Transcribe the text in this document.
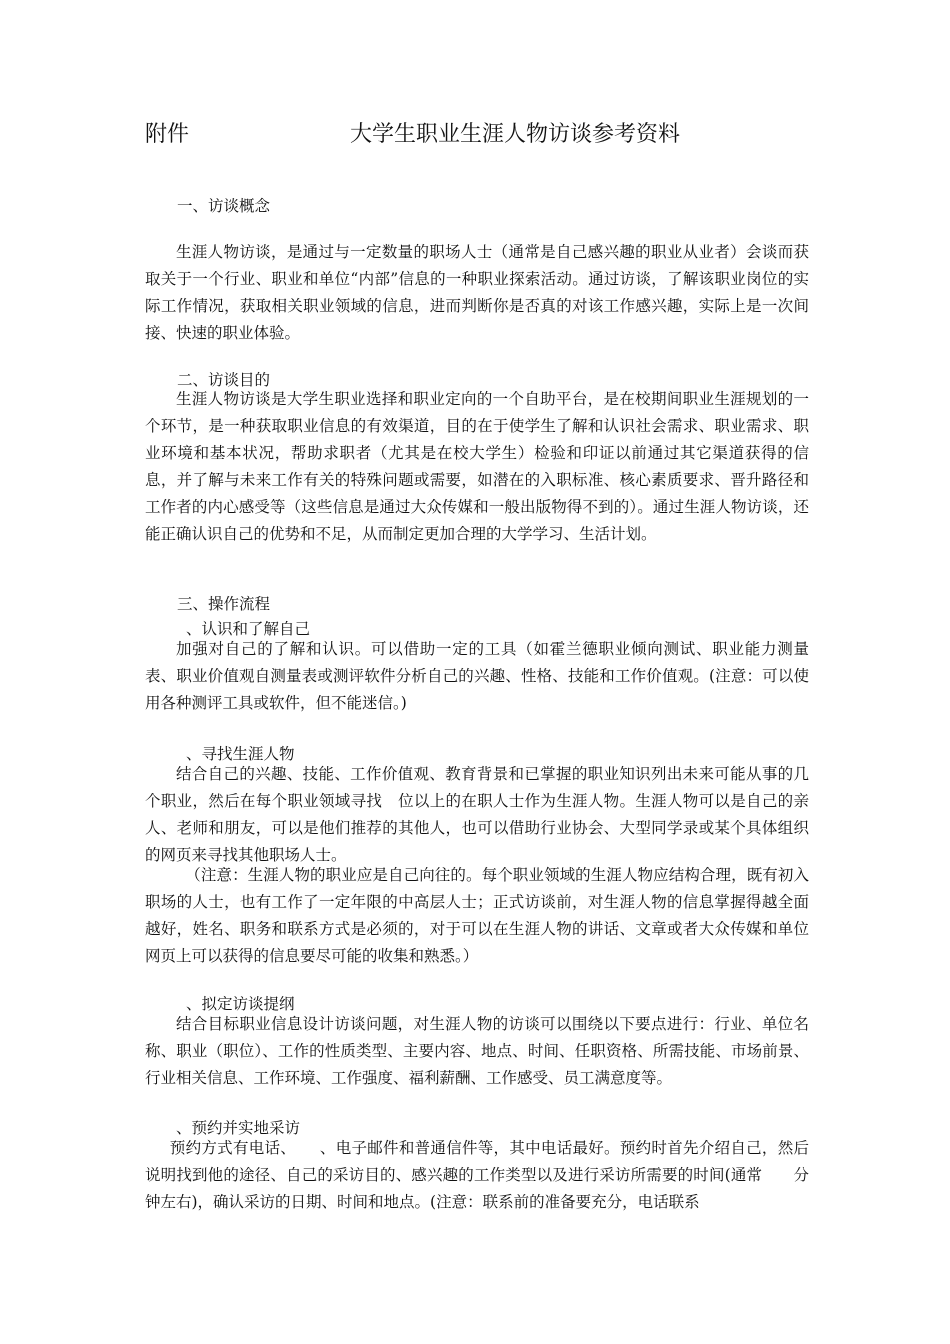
附件	大学生职业生涯人物访谈参考资料
一、访谈概念

生涯人物访谈，是通过与一定数量的职场人士（通常是自己感兴趣的职业从业者）会谈而获取关于一个行业、职业和单位“内部”信息的一种职业探索活动。通过访谈，了解该职业岗位的实际工作情况，获取相关职业领域的信息，进而判断你是否真的对该工作感兴趣，实际上是一次间接、快速的职业体验。

二、访谈目的

生涯人物访谈是大学生职业选择和职业定向的一个自助平台，是在校期间职业生涯规划的一个环节，是一种获取职业信息的有效渠道，目的在于使学生了解和认识社会需求、职业需求、职业环境和基本状况，帮助求职者（尤其是在校大学生）检验和印证以前通过其它渠道获得的信息，并了解与未来工作有关的特殊问题或需要，如潜在的入职标准、核心素质要求、晋升路径和工作者的内心感受等（这些信息是通过大众传媒和一般出版物得不到的）。通过生涯人物访谈，还能正确认识自己的优势和不足，从而制定更加合理的大学学习、生活计划。

三、操作流程
、认识和了解自己

加强对自己的了解和认识。可以借助一定的工具（如霍兰德职业倾向测试、职业能力测量表、职业价值观自测量表或测评软件分析自己的兴趣、性格、技能和工作价值观。(注意：可以使用各种测评工具或软件，但不能迷信。)

、寻找生涯人物

结合自己的兴趣、技能、工作价值观、教育背景和已掌握的职业知识列出未来可能从事的几个职业，然后在每个职业领域寻找　位以上的在职人士作为生涯人物。生涯人物可以是自己的亲人、老师和朋友，可以是他们推荐的其他人，也可以借助行业协会、大型同学录或某个具体组织的网页来寻找其他职场人士。

（注意：生涯人物的职业应是自己向往的。每个职业领域的生涯人物应结构合理，既有初入职场的人士，也有工作了一定年限的中高层人士；正式访谈前，对生涯人物的信息掌握得越全面越好，姓名、职务和联系方式是必须的，对于可以在生涯人物的讲话、文章或者大众传媒和单位网页上可以获得的信息要尽可能的收集和熟悉。）

、拟定访谈提纲

结合目标职业信息设计访谈问题，对生涯人物的访谈可以围绕以下要点进行：行业、单位名称、职业（职位）、工作的性质类型、主要内容、地点、时间、任职资格、所需技能、市场前景、行业相关信息、工作环境、工作强度、福利薪酬、工作感受、员工满意度等。

、预约并实地采访

预约方式有电话、　　、电子邮件和普通信件等，其中电话最好。预约时首先介绍自己，然后说明找到他的途径、自己的采访目的、感兴趣的工作类型以及进行采访所需要的时间(通常　　分钟左右)，确认采访的日期、时间和地点。(注意：联系前的准备要充分，电话联系
